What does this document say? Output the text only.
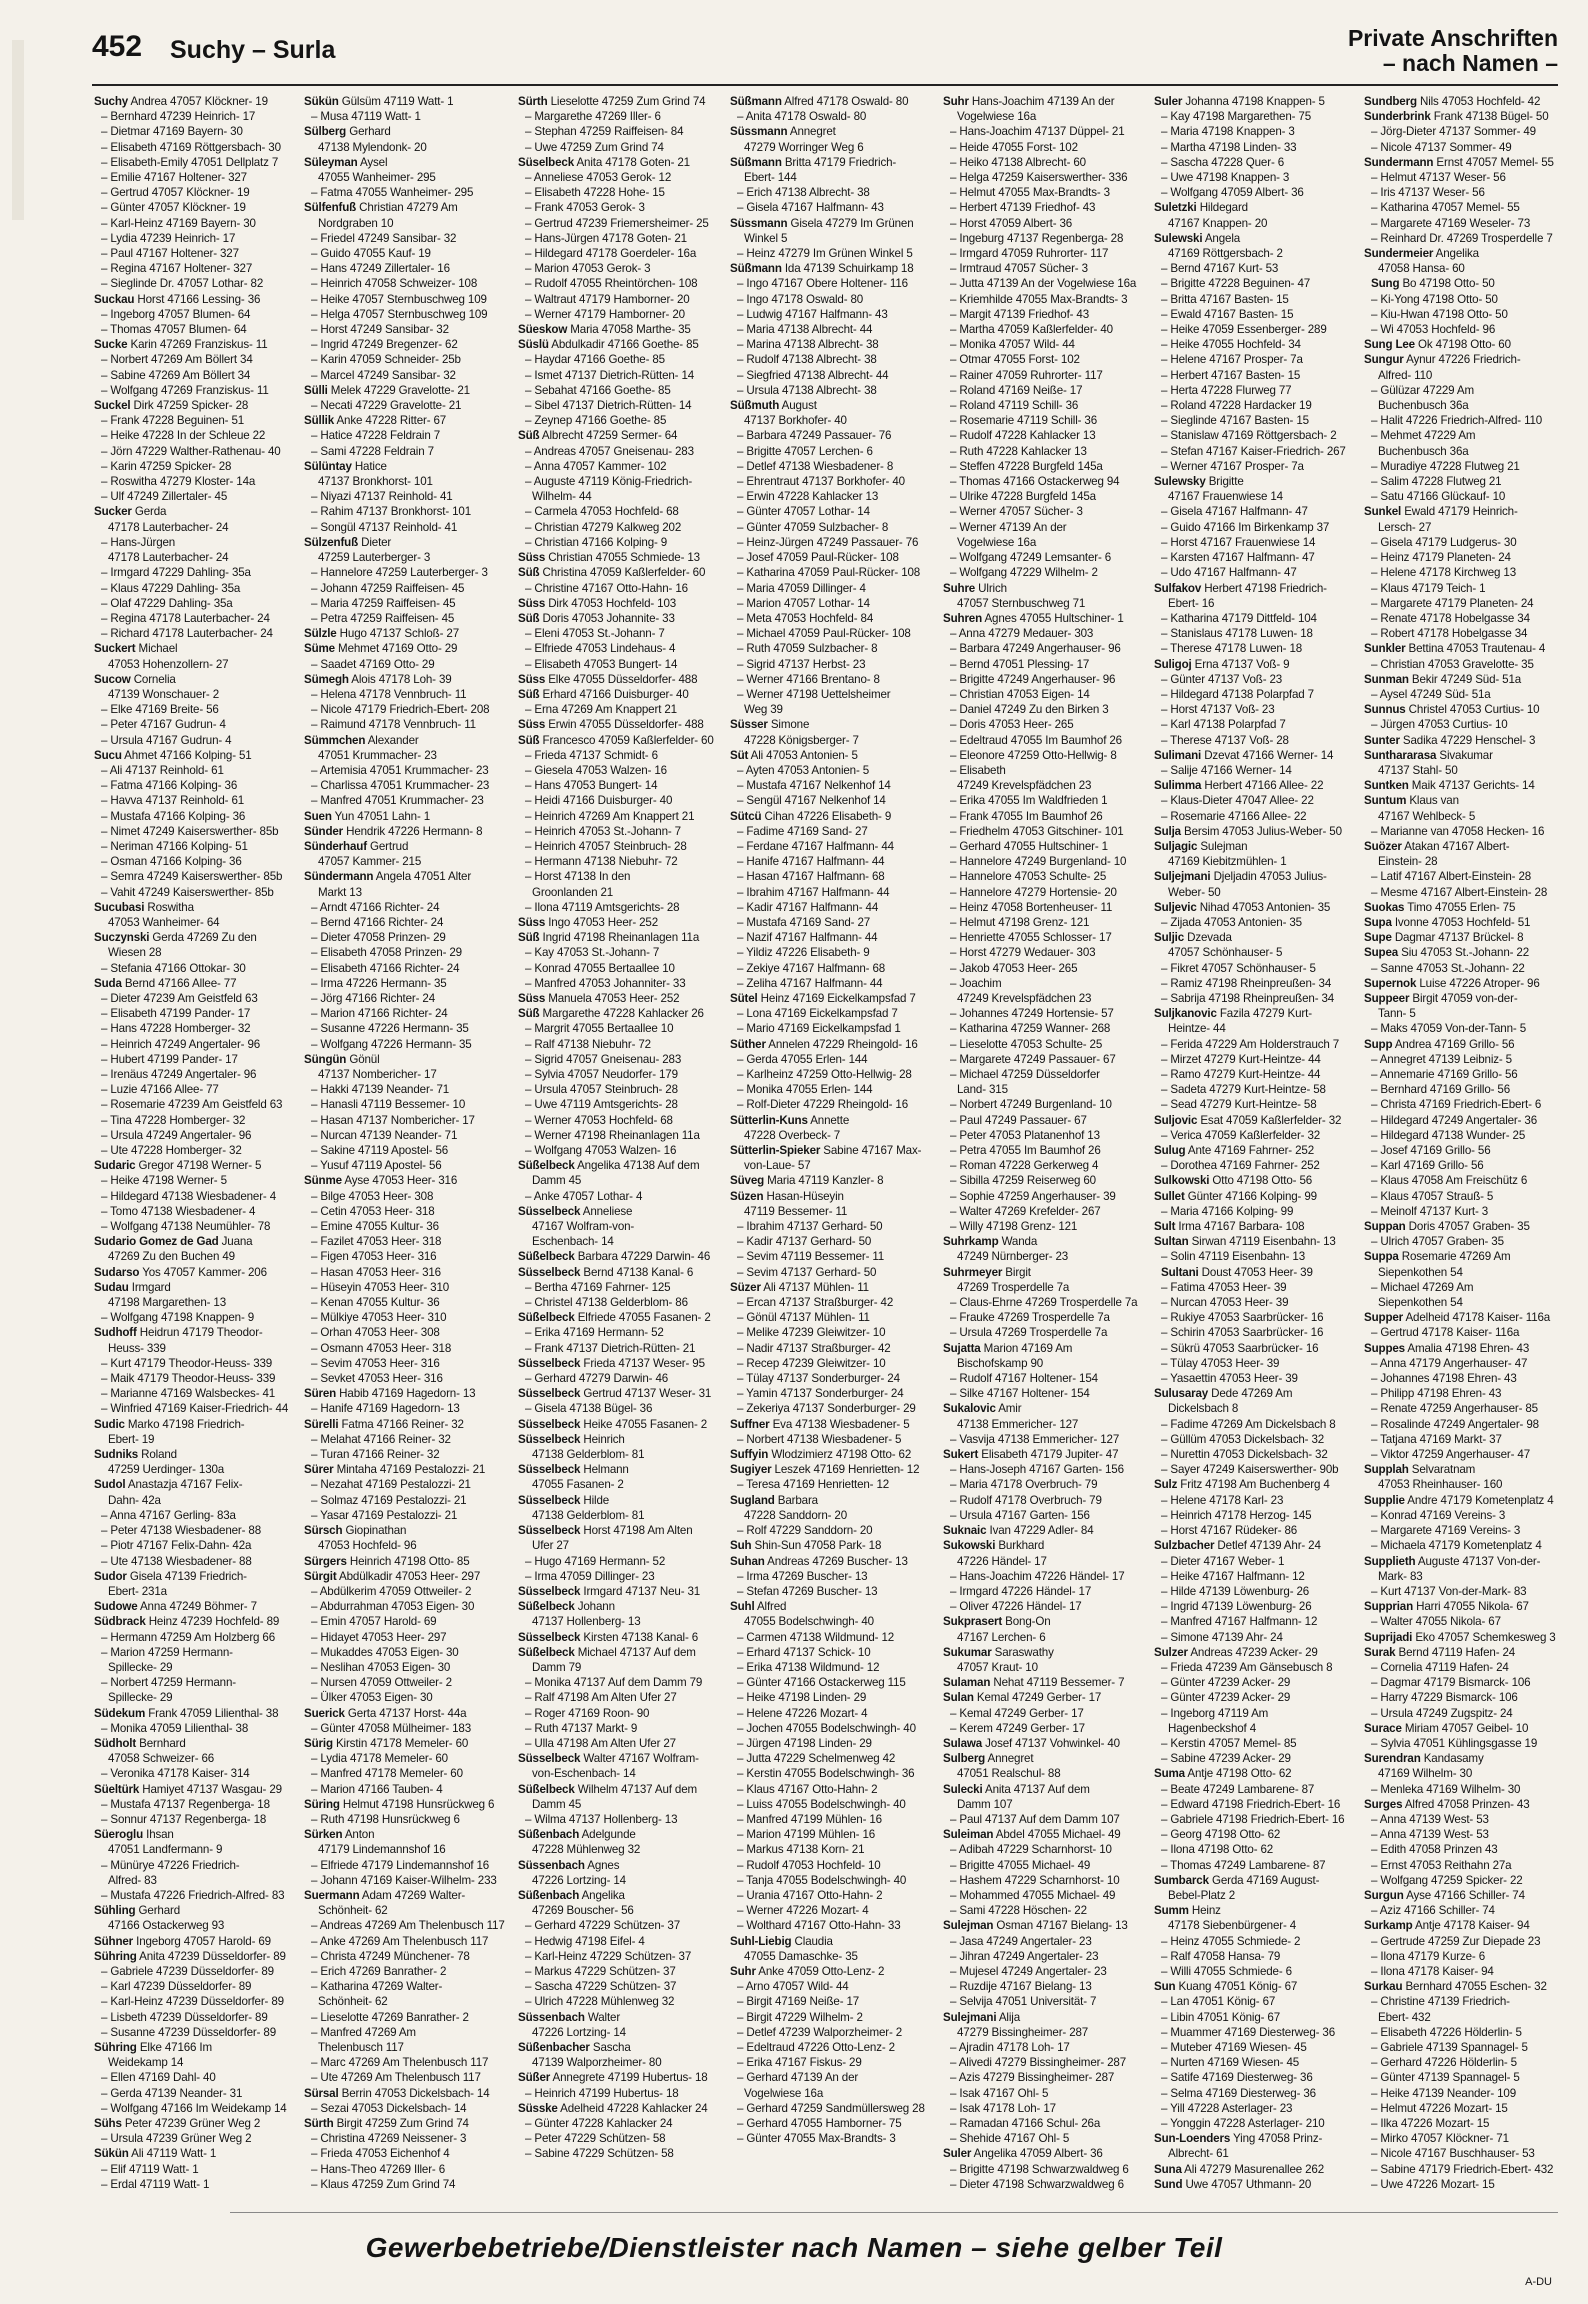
452 Suchy – Surla	Private Anschriften
– nach Namen –
Suchy Andrea 47057 Klöckner- 19
– Bernhard 47239 Heinrich- 17
– Dietmar 47169 Bayern- 30
– Elisabeth 47169 Röttgersbach- 30
– Elisabeth-Emily 47051 Dellplatz 7
– Emilie 47167 Holtener- 327
– Gertrud 47057 Klöckner- 19
– Günter 47057 Klöckner- 19
– Karl-Heinz 47169 Bayern- 30
– Lydia 47239 Heinrich- 17
– Paul 47167 Holtener- 327
– Regina 47167 Holtener- 327
– Sieglinde Dr. 47057 Lothar- 82
Suckau Horst 47166 Lessing- 36
– Ingeborg 47057 Blumen- 64
– Thomas 47057 Blumen- 64
Sucke Karin 47269 Franziskus- 11
– Norbert 47269 Am Böllert 34
– Sabine 47269 Am Böllert 34
– Wolfgang 47269 Franziskus- 11
Suckel Dirk 47259 Spicker- 28
– Frank 47228 Beguinen- 51
– Heike 47228 In der Schleue 22
– Jörn 47229 Walther-Rathenau- 40
– Karin 47259 Spicker- 28
– Roswitha 47279 Kloster- 14a
– Ulf 47249 Zillertaler- 45
Sucker Gerda
47178 Lauterbacher- 24
– Hans-Jürgen
47178 Lauterbacher- 24
– Irmgard 47229 Dahling- 35a
– Klaus 47229 Dahling- 35a
– Olaf 47229 Dahling- 35a
– Regina 47178 Lauterbacher- 24
– Richard 47178 Lauterbacher- 24
Suckert Michael
47053 Hohenzollern- 27
Sucow Cornelia
47139 Wonschauer- 2
– Elke 47169 Breite- 56
– Peter 47167 Gudrun- 4
– Ursula 47167 Gudrun- 4
Sucu Ahmet 47166 Kolping- 51
– Ali 47137 Reinhold- 61
– Fatma 47166 Kolping- 36
– Havva 47137 Reinhold- 61
– Mustafa 47166 Kolping- 36
– Nimet 47249 Kaiserswerther- 85b
– Neriman 47166 Kolping- 51
– Osman 47166 Kolping- 36
– Semra 47249 Kaiserswerther- 85b
– Vahit 47249 Kaiserswerther- 85b
Sucubasi Roswitha
47053 Wanheimer- 64
Suczynski Gerda 47269 Zu den
Wiesen 28
– Stefania 47166 Ottokar- 30
Suda Bernd 47166 Allee- 77
– Dieter 47239 Am Geistfeld 63
– Elisabeth 47199 Pander- 17
– Hans 47228 Homberger- 32
– Heinrich 47249 Angertaler- 96
– Hubert 47199 Pander- 17
– Irenäus 47249 Angertaler- 96
– Luzie 47166 Allee- 77
– Rosemarie 47239 Am Geistfeld 63
– Tina 47228 Homberger- 32
– Ursula 47249 Angertaler- 96
– Ute 47228 Homberger- 32
Sudaric Gregor 47198 Werner- 5
– Heike 47198 Werner- 5
– Hildegard 47138 Wiesbadener- 4
– Tomo 47138 Wiesbadener- 4
– Wolfgang 47138 Neumühler- 78
Sudario Gomez de Gad Juana
47269 Zu den Buchen 49
Sudarso Yos 47057 Kammer- 206
Sudau Irmgard
47198 Margarethen- 13
– Wolfgang 47198 Knappen- 9
Sudhoff Heidrun 47179 Theodor-
Heuss- 339
– Kurt 47179 Theodor-Heuss- 339
– Maik 47179 Theodor-Heuss- 339
– Marianne 47169 Walsbeckes- 41
– Winfried 47169 Kaiser-Friedrich- 44
Sudic Marko 47198 Friedrich-
Ebert- 19
Sudniks Roland
47259 Uerdinger- 130a
Sudol Anastazja 47167 Felix-
Dahn- 42a
– Anna 47167 Gerling- 83a
– Peter 47138 Wiesbadener- 88
– Piotr 47167 Felix-Dahn- 42a
– Ute 47138 Wiesbadener- 88
Sudor Gisela 47139 Friedrich-
Ebert- 231a
Sudowe Anna 47249 Böhmer- 7
Südbrack Heinz 47239 Hochfeld- 89
– Hermann 47259 Am Holzberg 66
– Marion 47259 Hermann-
Spillecke- 29
– Norbert 47259 Hermann-
Spillecke- 29
Südekum Frank 47059 Lilienthal- 38
– Monika 47059 Lilienthal- 38
Südholt Bernhard
47058 Schweizer- 66
– Veronika 47178 Kaiser- 314
Süeltürk Hamiyet 47137 Wasgau- 29
– Mustafa 47137 Regenberga- 18
– Sonnur 47137 Regenberga- 18
Süeroglu Ihsan
47051 Landfermann- 9
– Münürye 47226 Friedrich-
Alfred- 83
– Mustafa 47226 Friedrich-Alfred- 83
Sühling Gerhard
47166 Ostackerweg 93
Sühner Ingeborg 47057 Harold- 69
Sühring Anita 47239 Düsseldorfer- 89
– Gabriele 47239 Düsseldorfer- 89
– Karl 47239 Düsseldorfer- 89
– Karl-Heinz 47239 Düsseldorfer- 89
– Lisbeth 47239 Düsseldorfer- 89
– Susanne 47239 Düsseldorfer- 89
Sühring Elke 47166 Im
Weidekamp 14
– Ellen 47169 Dahl- 40
– Gerda 47139 Neander- 31
– Wolfgang 47166 Im Weidekamp 14
Sühs Peter 47239 Grüner Weg 2
– Ursula 47239 Grüner Weg 2
Sükün Ali 47119 Watt- 1
– Elif 47119 Watt- 1
– Erdal 47119 Watt- 1
Sükün Gülsüm 47119 Watt- 1
– Musa 47119 Watt- 1
Sülberg Gerhard
47138 Mylendonk- 20
Süleyman Aysel
47055 Wanheimer- 295
– Fatma 47055 Wanheimer- 295
Sülfenfuß Christian 47279 Am
Nordgraben 10
– Friedel 47249 Sansibar- 32
– Guido 47055 Kauf- 19
– Hans 47249 Zillertaler- 16
– Heinrich 47058 Schweizer- 108
– Heike 47057 Sternbuschweg 109
– Helga 47057 Sternbuschweg 109
– Horst 47249 Sansibar- 32
– Ingrid 47249 Bregenzer- 62
– Karin 47059 Schneider- 25b
– Marcel 47249 Sansibar- 32
Sülli Melek 47229 Gravelotte- 21
– Necati 47229 Gravelotte- 21
Süllik Anke 47228 Ritter- 67
– Hatice 47228 Feldrain 7
– Sami 47228 Feldrain 7
Sülüntay Hatice
47137 Bronkhorst- 101
– Niyazi 47137 Reinhold- 41
– Rahim 47137 Bronkhorst- 101
– Songül 47137 Reinhold- 41
Sülzenfuß Dieter
47259 Lauterberger- 3
– Hannelore 47259 Lauterberger- 3
– Johann 47259 Raiffeisen- 45
– Maria 47259 Raiffeisen- 45
– Petra 47259 Raiffeisen- 45
Sülzle Hugo 47137 Schloß- 27
Süme Mehmet 47169 Otto- 29
– Saadet 47169 Otto- 29
Sümegh Alois 47178 Loh- 39
– Helena 47178 Vennbruch- 11
– Nicole 47179 Friedrich-Ebert- 208
– Raimund 47178 Vennbruch- 11
Sümmchen Alexander
47051 Krummacher- 23
– Artemisia 47051 Krummacher- 23
– Charlissa 47051 Krummacher- 23
– Manfred 47051 Krummacher- 23
Suen Yun 47051 Lahn- 1
Sünder Hendrik 47226 Hermann- 8
Sünderhauf Gertrud
47057 Kammer- 215
Sündermann Angela 47051 Alter
Markt 13
– Arndt 47166 Richter- 24
– Bernd 47166 Richter- 24
– Dieter 47058 Prinzen- 29
– Elisabeth 47058 Prinzen- 29
– Elisabeth 47166 Richter- 24
– Irma 47226 Hermann- 35
– Jörg 47166 Richter- 24
– Marion 47166 Richter- 24
– Susanne 47226 Hermann- 35
– Wolfgang 47226 Hermann- 35
Süngün Gönül
47137 Nombericher- 17
– Hakki 47139 Neander- 71
– Hanasli 47119 Bessemer- 10
– Hasan 47137 Nombericher- 17
– Nurcan 47139 Neander- 71
– Sakine 47119 Apostel- 56
– Yusuf 47119 Apostel- 56
Sünme Ayse 47053 Heer- 316
– Bilge 47053 Heer- 308
– Cetin 47053 Heer- 318
– Emine 47055 Kultur- 36
– Fazilet 47053 Heer- 318
– Figen 47053 Heer- 316
– Hasan 47053 Heer- 316
– Hüseyin 47053 Heer- 310
– Kenan 47055 Kultur- 36
– Mülkiye 47053 Heer- 310
– Orhan 47053 Heer- 308
– Osmann 47053 Heer- 318
– Sevim 47053 Heer- 316
– Sevket 47053 Heer- 316
Süren Habib 47169 Hagedorn- 13
– Hanife 47169 Hagedorn- 13
Sürelli Fatma 47166 Reiner- 32
– Melahat 47166 Reiner- 32
– Turan 47166 Reiner- 32
Sürer Mintaha 47169 Pestalozzi- 21
– Nezahat 47169 Pestalozzi- 21
– Solmaz 47169 Pestalozzi- 21
– Yasar 47169 Pestalozzi- 21
Sürsch Giopinathan
47053 Hochfeld- 96
Sürgers Heinrich 47198 Otto- 85
Sürgit Abdülkadir 47053 Heer- 297
– Abdülkerim 47059 Ottweiler- 2
– Abdurrahman 47053 Eigen- 30
– Emin 47057 Harold- 69
– Hidayet 47053 Heer- 297
– Mukaddes 47053 Eigen- 30
– Neslihan 47053 Eigen- 30
– Nursen 47059 Ottweiler- 2
– Ülker 47053 Eigen- 30
Suerick Gerta 47137 Horst- 44a
– Günter 47058 Mülheimer- 183
Sürig Kirstin 47178 Memeler- 60
– Lydia 47178 Memeler- 60
– Manfred 47178 Memeler- 60
– Marion 47166 Tauben- 4
Süring Helmut 47198 Hunsrückweg 6
– Ruth 47198 Hunsrückweg 6
Sürken Anton
47179 Lindemannshof 16
– Elfriede 47179 Lindemannshof 16
– Johann 47169 Kaiser-Wilhelm- 233
Suermann Adam 47269 Walter-
Schönheit- 62
– Andreas 47269 Am Thelenbusch 117
– Anke 47269 Am Thelenbusch 117
– Christa 47249 Münchener- 78
– Erich 47269 Banrather- 2
– Katharina 47269 Walter-
Schönheit- 62
– Lieselotte 47269 Banrather- 2
– Manfred 47269 Am
Thelenbusch 117
– Marc 47269 Am Thelenbusch 117
– Ute 47269 Am Thelenbusch 117
Sürsal Berrin 47053 Dickelsbach- 14
– Sezai 47053 Dickelsbach- 14
Sürth Birgit 47259 Zum Grind 74
– Christina 47269 Neissener- 3
– Frieda 47053 Eichenhof 4
– Hans-Theo 47269 Iller- 6
– Klaus 47259 Zum Grind 74
Sürth Lieselotte 47259 Zum Grind 74
– Margarethe 47269 Iller- 6
– Stephan 47259 Raiffeisen- 84
– Uwe 47259 Zum Grind 74
Süselbeck Anita 47178 Goten- 21
– Anneliese 47053 Gerok- 12
– Elisabeth 47228 Hohe- 15
– Frank 47053 Gerok- 3
– Gertrud 47239 Friemersheimer- 25
– Hans-Jürgen 47178 Goten- 21
– Hildegard 47178 Goerdeler- 16a
– Marion 47053 Gerok- 3
– Rudolf 47055 Rheintörchen- 108
– Waltraut 47179 Hamborner- 20
– Werner 47179 Hamborner- 20
Süeskow Maria 47058 Marthe- 35
Süslü Abdulkadir 47166 Goethe- 85
– Haydar 47166 Goethe- 85
– Ismet 47137 Dietrich-Rütten- 14
– Sebahat 47166 Goethe- 85
– Sibel 47137 Dietrich-Rütten- 14
– Zeynep 47166 Goethe- 85
Süß Albrecht 47259 Sermer- 64
– Andreas 47057 Gneisenau- 283
– Anna 47057 Kammer- 102
– Auguste 47119 König-Friedrich-
Wilhelm- 44
– Carmela 47053 Hochfeld- 68
– Christian 47279 Kalkweg 202
– Christian 47166 Kolping- 9
Süss Christian 47055 Schmiede- 13
Süß Christina 47059 Kaßlerfelder- 60
– Christine 47167 Otto-Hahn- 16
Süss Dirk 47053 Hochfeld- 103
Süß Doris 47053 Johannite- 33
– Eleni 47053 St.-Johann- 7
– Elfriede 47053 Lindehaus- 4
– Elisabeth 47053 Bungert- 14
Süss Elke 47055 Düsseldorfer- 488
Süß Erhard 47166 Duisburger- 40
– Erna 47269 Am Knappert 21
Süss Erwin 47055 Düsseldorfer- 488
Süß Francesco 47059 Kaßlerfelder- 60
– Frieda 47137 Schmidt- 6
– Giesela 47053 Walzen- 16
– Hans 47053 Bungert- 14
– Heidi 47166 Duisburger- 40
– Heinrich 47269 Am Knappert 21
– Heinrich 47053 St.-Johann- 7
– Heinrich 47057 Steinbruch- 28
– Hermann 47138 Niebuhr- 72
– Horst 47138 In den
Groonlanden 21
– Ilona 47119 Amtsgerichts- 28
Süss Ingo 47053 Heer- 252
Süß Ingrid 47198 Rheinanlagen 11a
– Kay 47053 St.-Johann- 7
– Konrad 47055 Bertaallee 10
– Manfred 47053 Johanniter- 33
Süss Manuela 47053 Heer- 252
Süß Margarethe 47228 Kahlacker 26
– Margrit 47055 Bertaallee 10
– Ralf 47138 Niebuhr- 72
– Sigrid 47057 Gneisenau- 283
– Sylvia 47057 Neudorfer- 179
– Ursula 47057 Steinbruch- 28
– Uwe 47119 Amtsgerichts- 28
– Werner 47053 Hochfeld- 68
– Werner 47198 Rheinanlagen 11a
– Wolfgang 47053 Walzen- 16
Süßelbeck Angelika 47138 Auf dem
Damm 45
– Anke 47057 Lothar- 4
Süsselbeck Anneliese
47167 Wolfram-von-
Eschenbach- 14
Süßelbeck Barbara 47229 Darwin- 46
Süsselbeck Bernd 47138 Kanal- 6
– Bertha 47169 Fahrner- 125
– Christel 47138 Gelderblom- 86
Süßelbeck Elfriede 47055 Fasanen- 2
– Erika 47169 Hermann- 52
– Frank 47137 Dietrich-Rütten- 21
Süsselbeck Frieda 47137 Weser- 95
– Gerhard 47279 Darwin- 46
Süsselbeck Gertrud 47137 Weser- 31
– Gisela 47138 Bügel- 36
Süsselbeck Heike 47055 Fasanen- 2
Süsselbeck Heinrich
47138 Gelderblom- 81
Süsselbeck Helmann
47055 Fasanen- 2
Süsselbeck Hilde
47138 Gelderblom- 81
Süsselbeck Horst 47198 Am Alten
Ufer 27
– Hugo 47169 Hermann- 52
– Irma 47059 Dillinger- 23
Süsselbeck Irmgard 47137 Neu- 31
Süßelbeck Johann
47137 Hollenberg- 13
Süsselbeck Kirsten 47138 Kanal- 6
Süßelbeck Michael 47137 Auf dem
Damm 79
– Monika 47137 Auf dem Damm 79
– Ralf 47198 Am Alten Ufer 27
– Roger 47169 Roon- 90
– Ruth 47137 Markt- 9
– Ulla 47198 Am Alten Ufer 27
Süsselbeck Walter 47167 Wolfram-
von-Eschenbach- 14
Süßelbeck Wilhelm 47137 Auf dem
Damm 45
– Wilma 47137 Hollenberg- 13
Süßenbach Adelgunde
47228 Mühlenweg 32
Süssenbach Agnes
47226 Lortzing- 14
Süßenbach Angelika
47269 Bouscher- 56
– Gerhard 47229 Schützen- 37
– Hedwig 47198 Eifel- 4
– Karl-Heinz 47229 Schützen- 37
– Markus 47229 Schützen- 37
– Sascha 47229 Schützen- 37
– Ulrich 47228 Mühlenweg 32
Süssenbach Walter
47226 Lortzing- 14
Süßenbacher Sascha
47139 Walporzheimer- 80
Süßer Annegrete 47199 Hubertus- 18
– Heinrich 47199 Hubertus- 18
Süsske Adelheid 47228 Kahlacker 24
– Günter 47228 Kahlacker 24
– Peter 47229 Schützen- 58
– Sabine 47229 Schützen- 58
Süßmann Alfred 47178 Oswald- 80
– Anita 47178 Oswald- 80
Süssmann Annegret
47279 Worringer Weg 6
Süßmann Britta 47179 Friedrich-
Ebert- 144
– Erich 47138 Albrecht- 38
– Gisela 47167 Halfmann- 43
Süssmann Gisela 47279 Im Grünen
Winkel 5
– Heinz 47279 Im Grünen Winkel 5
Süßmann Ida 47139 Schuirkamp 18
– Ingo 47167 Obere Holtener- 116
– Ingo 47178 Oswald- 80
– Ludwig 47167 Halfmann- 43
– Maria 47138 Albrecht- 44
– Marina 47138 Albrecht- 38
– Rudolf 47138 Albrecht- 38
– Siegfried 47138 Albrecht- 44
– Ursula 47138 Albrecht- 38
Süßmuth August
47137 Borkhofer- 40
– Barbara 47249 Passauer- 76
– Brigitte 47057 Lerchen- 6
– Detlef 47138 Wiesbadener- 8
– Ehrentraut 47137 Borkhofer- 40
– Erwin 47228 Kahlacker 13
– Günter 47057 Lothar- 14
– Günter 47059 Sulzbacher- 8
– Heinz-Jürgen 47249 Passauer- 76
– Josef 47059 Paul-Rücker- 108
– Katharina 47059 Paul-Rücker- 108
– Maria 47059 Dillinger- 4
– Marion 47057 Lothar- 14
– Meta 47053 Hochfeld- 84
– Michael 47059 Paul-Rücker- 108
– Ruth 47059 Sulzbacher- 8
– Sigrid 47137 Herbst- 23
– Werner 47166 Brentano- 8
– Werner 47198 Uettelsheimer
Weg 39
Süsser Simone
47228 Königsberger- 7
Süt Ali 47053 Antonien- 5
– Ayten 47053 Antonien- 5
– Mustafa 47167 Nelkenhof 14
– Sengül 47167 Nelkenhof 14
Sütcü Cihan 47226 Elisabeth- 9
– Fadime 47169 Sand- 27
– Ferdane 47167 Halfmann- 44
– Hanife 47167 Halfmann- 44
– Hasan 47167 Halfmann- 68
– Ibrahim 47167 Halfmann- 44
– Kadir 47167 Halfmann- 44
– Mustafa 47169 Sand- 27
– Nazif 47167 Halfmann- 44
– Yildiz 47226 Elisabeth- 9
– Zekiye 47167 Halfmann- 68
– Zeliha 47167 Halfmann- 44
Sütel Heinz 47169 Eickelkampsfad 7
– Lona 47169 Eickelkampsfad 7
– Mario 47169 Eickelkampsfad 1
Süther Annelen 47229 Rheingold- 16
– Gerda 47055 Erlen- 144
– Karlheinz 47259 Otto-Hellwig- 28
– Monika 47055 Erlen- 144
– Rolf-Dieter 47229 Rheingold- 16
Sütterlin-Kuns Annette
47228 Overbeck- 7
Sütterlin-Spieker Sabine 47167 Max-
von-Laue- 57
Süveg Maria 47119 Kanzler- 8
Süzen Hasan-Hüseyin
47119 Bessemer- 11
– Ibrahim 47137 Gerhard- 50
– Kadir 47137 Gerhard- 50
– Sevim 47119 Bessemer- 11
– Sevim 47137 Gerhard- 50
Süzer Ali 47137 Mühlen- 11
– Ercan 47137 Straßburger- 42
– Gönül 47137 Mühlen- 11
– Melike 47239 Gleiwitzer- 10
– Nadir 47137 Straßburger- 42
– Recep 47239 Gleiwitzer- 10
– Tülay 47137 Sonderburger- 24
– Yamin 47137 Sonderburger- 24
– Zekeriya 47137 Sonderburger- 29
Suffner Eva 47138 Wiesbadener- 5
– Norbert 47138 Wiesbadener- 5
Suffyin Wlodzimierz 47198 Otto- 62
Sugiyer Leszek 47169 Henrietten- 12
– Teresa 47169 Henrietten- 12
Sugland Barbara
47228 Sanddorn- 20
– Rolf 47229 Sanddorn- 20
Suh Shin-Sun 47058 Park- 18
Suhan Andreas 47269 Buscher- 13
– Irma 47269 Buscher- 13
– Stefan 47269 Buscher- 13
Suhl Alfred
47055 Bodelschwingh- 40
– Carmen 47138 Wildmund- 12
– Erhard 47137 Schick- 10
– Erika 47138 Wildmund- 12
– Günter 47166 Ostackerweg 115
– Heike 47198 Linden- 29
– Helene 47226 Mozart- 4
– Jochen 47055 Bodelschwingh- 40
– Jürgen 47198 Linden- 29
– Jutta 47229 Schelmenweg 42
– Kerstin 47055 Bodelschwingh- 36
– Klaus 47167 Otto-Hahn- 2
– Luiss 47055 Bodelschwingh- 40
– Manfred 47199 Mühlen- 16
– Marion 47199 Mühlen- 16
– Markus 47138 Korn- 21
– Rudolf 47053 Hochfeld- 10
– Tanja 47055 Bodelschwingh- 40
– Urania 47167 Otto-Hahn- 2
– Werner 47226 Mozart- 4
– Wolthard 47167 Otto-Hahn- 33
Suhl-Liebig Claudia
47055 Damaschke- 35
Suhr Anke 47059 Otto-Lenz- 2
– Arno 47057 Wild- 44
– Birgit 47169 Neiße- 17
– Birgit 47229 Wilhelm- 2
– Detlef 47239 Walporzheimer- 2
– Edeltraud 47226 Otto-Lenz- 2
– Erika 47167 Fiskus- 29
– Gerhard 47139 An der
Vogelwiese 16a
– Gerhard 47259 Sandmüllersweg 28
– Gerhard 47055 Hamborner- 75
– Günter 47055 Max-Brandts- 3
Suhr Hans-Joachim 47139 An der
Vogelwiese 16a
– Hans-Joachim 47137 Düppel- 21
– Heide 47055 Forst- 102
– Heiko 47138 Albrecht- 60
– Helga 47259 Kaiserswerther- 336
– Helmut 47055 Max-Brandts- 3
– Herbert 47139 Friedhof- 43
– Horst 47059 Albert- 36
– Ingeburg 47137 Regenberga- 28
– Irmgard 47059 Ruhrorter- 117
– Irmtraud 47057 Sücher- 3
– Jutta 47139 An der Vogelwiese 16a
– Kriemhilde 47055 Max-Brandts- 3
– Margit 47139 Friedhof- 43
– Martha 47059 Kaßlerfelder- 40
– Monika 47057 Wild- 44
– Otmar 47055 Forst- 102
– Rainer 47059 Ruhrorter- 117
– Roland 47169 Neiße- 17
– Roland 47119 Schill- 36
– Rosemarie 47119 Schill- 36
– Rudolf 47228 Kahlacker 13
– Ruth 47228 Kahlacker 13
– Steffen 47228 Burgfeld 145a
– Thomas 47166 Ostackerweg 94
– Ulrike 47228 Burgfeld 145a
– Werner 47057 Sücher- 3
– Werner 47139 An der
Vogelwiese 16a
– Wolfgang 47249 Lemsanter- 6
– Wolfgang 47229 Wilhelm- 2
Suhre Ulrich
47057 Sternbuschweg 71
Suhren Agnes 47055 Hultschiner- 1
– Anna 47279 Medauer- 303
– Barbara 47249 Angerhauser- 96
– Bernd 47051 Plessing- 17
– Brigitte 47249 Angerhauser- 96
– Christian 47053 Eigen- 14
– Daniel 47249 Zu den Birken 3
– Doris 47053 Heer- 265
– Edeltraud 47055 Im Baumhof 26
– Eleonore 47259 Otto-Hellwig- 8
– Elisabeth
47249 Krevelspfädchen 23
– Erika 47055 Im Waldfrieden 1
– Frank 47055 Im Baumhof 26
– Friedhelm 47053 Gitschiner- 101
– Gerhard 47055 Hultschiner- 1
– Hannelore 47249 Burgenland- 10
– Hannelore 47053 Schulte- 25
– Hannelore 47279 Hortensie- 20
– Heinz 47058 Bortenheuser- 11
– Helmut 47198 Grenz- 121
– Henriette 47055 Schlosser- 17
– Horst 47279 Wedauer- 303
– Jakob 47053 Heer- 265
– Joachim
47249 Krevelspfädchen 23
– Johannes 47249 Hortensie- 57
– Katharina 47259 Wanner- 268
– Lieselotte 47053 Schulte- 25
– Margarete 47249 Passauer- 67
– Michael 47259 Düsseldorfer
Land- 315
– Norbert 47249 Burgenland- 10
– Paul 47249 Passauer- 67
– Peter 47053 Platanenhof 13
– Petra 47055 Im Baumhof 26
– Roman 47228 Gerkerweg 4
– Sibilla 47259 Reiserweg 60
– Sophie 47259 Angerhauser- 39
– Walter 47269 Krefelder- 267
– Willy 47198 Grenz- 121
Suhrkamp Wanda
47249 Nürnberger- 23
Suhrmeyer Birgit
47269 Trosperdelle 7a
– Claus-Ehrne 47269 Trosperdelle 7a
– Frauke 47269 Trosperdelle 7a
– Ursula 47269 Trosperdelle 7a
Sujatta Marion 47169 Am
Bischofskamp 90
– Rudolf 47167 Holtener- 154
– Silke 47167 Holtener- 154
Sukalovic Amir
47138 Emmericher- 127
– Vasvija 47138 Emmericher- 127
Sukert Elisabeth 47179 Jupiter- 47
– Hans-Joseph 47167 Garten- 156
– Maria 47178 Overbruch- 79
– Rudolf 47178 Overbruch- 79
– Ursula 47167 Garten- 156
Suknaic Ivan 47229 Adler- 84
Sukowski Burkhard
47226 Händel- 17
– Hans-Joachim 47226 Händel- 17
– Irmgard 47226 Händel- 17
– Oliver 47226 Händel- 17
Sukprasert Bong-On
47167 Lerchen- 6
Sukumar Saraswathy
47057 Kraut- 10
Sulaman Nehat 47119 Bessemer- 7
Sulan Kemal 47249 Gerber- 17
– Kemal 47249 Gerber- 17
– Kerem 47249 Gerber- 17
Sulawa Josef 47137 Vohwinkel- 40
Sulberg Annegret
47051 Realschul- 88
Sulecki Anita 47137 Auf dem
Damm 107
– Paul 47137 Auf dem Damm 107
Suleiman Abdel 47055 Michael- 49
– Adibah 47229 Scharnhorst- 10
– Brigitte 47055 Michael- 49
– Hashem 47229 Scharnhorst- 10
– Mohammed 47055 Michael- 49
– Sami 47228 Höschen- 22
Sulejman Osman 47167 Bielang- 13
– Jasa 47249 Angertaler- 23
– Jihran 47249 Angertaler- 23
– Mujesel 47249 Angertaler- 23
– Ruzdije 47167 Bielang- 13
– Selvija 47051 Universität- 7
Sulejmani Alija
47279 Bissingheimer- 287
– Ajradin 47178 Loh- 17
– Alivedi 47279 Bissingheimer- 287
– Azis 47279 Bissingheimer- 287
– Isak 47167 Ohl- 5
– Isak 47178 Loh- 17
– Ramadan 47166 Schul- 26a
– Shehide 47167 Ohl- 5
Suler Angelika 47059 Albert- 36
– Brigitte 47198 Schwarzwaldweg 6
– Dieter 47198 Schwarzwaldweg 6
Suler Johanna 47198 Knappen- 5
– Kay 47198 Margarethen- 75
– Maria 47198 Knappen- 3
– Martha 47198 Linden- 33
– Sascha 47228 Quer- 6
– Uwe 47198 Knappen- 3
– Wolfgang 47059 Albert- 36
Suletzki Hildegard
47167 Knappen- 20
Sulewski Angela
47169 Röttgersbach- 2
– Bernd 47167 Kurt- 53
– Brigitte 47228 Beguinen- 47
– Britta 47167 Basten- 15
– Ewald 47167 Basten- 15
– Heike 47059 Essenberger- 289
– Heike 47055 Hochfeld- 34
– Helene 47167 Prosper- 7a
– Herbert 47167 Basten- 15
– Herta 47228 Flurweg 77
– Roland 47228 Hardacker 19
– Sieglinde 47167 Basten- 15
– Stanislaw 47169 Röttgersbach- 2
– Stefan 47167 Kaiser-Friedrich- 267
– Werner 47167 Prosper- 7a
Sulewsky Brigitte
47167 Frauenwiese 14
– Gisela 47167 Halfmann- 47
– Guido 47166 Im Birkenkamp 37
– Horst 47167 Frauenwiese 14
– Karsten 47167 Halfmann- 47
– Udo 47167 Halfmann- 47
Sulfakov Herbert 47198 Friedrich-
Ebert- 16
– Katharina 47179 Dittfeld- 104
– Stanislaus 47178 Luwen- 18
– Therese 47178 Luwen- 18
Suligoj Erna 47137 Voß- 9
– Günter 47137 Voß- 23
– Hildegard 47138 Polarpfad 7
– Horst 47137 Voß- 23
– Karl 47138 Polarpfad 7
– Therese 47137 Voß- 28
Sulimani Dzevat 47166 Werner- 14
– Salije 47166 Werner- 14
Sulimma Herbert 47166 Allee- 22
– Klaus-Dieter 47047 Allee- 22
– Rosemarie 47166 Allee- 22
Sulja Bersim 47053 Julius-Weber- 50
Suljagic Sulejman
47169 Kiebitzmühlen- 1
Suljejmani Djeljadin 47053 Julius-
Weber- 50
Suljevic Nihad 47053 Antonien- 35
– Zijada 47053 Antonien- 35
Suljic Dzevada
47057 Schönhauser- 5
– Fikret 47057 Schönhauser- 5
– Ramiz 47198 Rheinpreußen- 34
– Sabrija 47198 Rheinpreußen- 34
Suljkanovic Fazila 47279 Kurt-
Heintze- 44
– Ferida 47229 Am Holderstrauch 7
– Mirzet 47279 Kurt-Heintze- 44
– Ramo 47279 Kurt-Heintze- 44
– Sadeta 47279 Kurt-Heintze- 58
– Sead 47279 Kurt-Heintze- 58
Suljovic Esat 47059 Kaßlerfelder- 32
– Verica 47059 Kaßlerfelder- 32
Sulug Ante 47169 Fahrner- 252
– Dorothea 47169 Fahrner- 252
Sulkowski Otto 47198 Otto- 56
Sullet Günter 47166 Kolping- 99
– Maria 47166 Kolping- 99
Sult Irma 47167 Barbara- 108
Sultan Sirwan 47119 Eisenbahn- 13
– Solin 47119 Eisenbahn- 13
Sultani Doust 47053 Heer- 39
– Fatima 47053 Heer- 39
– Nurcan 47053 Heer- 39
– Rukiye 47053 Saarbrücker- 16
– Schirin 47053 Saarbrücker- 16
– Sükrü 47053 Saarbrücker- 16
– Tülay 47053 Heer- 39
– Yasaettin 47053 Heer- 39
Sulusaray Dede 47269 Am
Dickelsbach 8
– Fadime 47269 Am Dickelsbach 8
– Güllüm 47053 Dickelsbach- 32
– Nurettin 47053 Dickelsbach- 32
– Sayer 47249 Kaiserswerther- 90b
Sulz Fritz 47198 Am Buchenberg 4
– Helene 47178 Karl- 23
– Heinrich 47178 Herzog- 145
– Horst 47167 Rüdeker- 86
Sulzbacher Detlef 47139 Ahr- 24
– Dieter 47167 Weber- 1
– Heike 47167 Halfmann- 12
– Hilde 47139 Löwenburg- 26
– Ingrid 47139 Löwenburg- 26
– Manfred 47167 Halfmann- 12
– Simone 47139 Ahr- 24
Sulzer Andreas 47239 Acker- 29
– Frieda 47239 Am Gänsebusch 8
– Günter 47239 Acker- 29
– Günter 47239 Acker- 29
– Ingeborg 47119 Am
Hagenbeckshof 4
– Kerstin 47057 Memel- 85
– Sabine 47239 Acker- 29
Suma Antje 47198 Otto- 62
– Beate 47249 Lambarene- 87
– Edward 47198 Friedrich-Ebert- 16
– Gabriele 47198 Friedrich-Ebert- 16
– Georg 47198 Otto- 62
– Ilona 47198 Otto- 62
– Thomas 47249 Lambarene- 87
Sumbarck Gerda 47169 August-
Bebel-Platz 2
Summ Heinz
47178 Siebenbürgener- 4
– Heinz 47055 Schmiede- 2
– Ralf 47058 Hansa- 79
– Willi 47055 Schmiede- 6
Sun Kuang 47051 König- 67
– Lan 47051 König- 67
– Libin 47051 König- 67
– Muammer 47169 Diesterweg- 36
– Muteber 47169 Wiesen- 45
– Nurten 47169 Wiesen- 45
– Satife 47169 Diesterweg- 36
– Selma 47169 Diesterweg- 36
– Yill 47228 Asterlager- 23
– Yonggin 47228 Asterlager- 210
Sun-Loenders Ying 47058 Prinz-
Albrecht- 61
Suna Ali 47279 Masurenallee 262
Sund Uwe 47057 Uthmann- 20
Sundberg Nils 47053 Hochfeld- 42
Sunderbrink Frank 47138 Bügel- 50
– Jörg-Dieter 47137 Sommer- 49
– Nicole 47137 Sommer- 49
Sundermann Ernst 47057 Memel- 55
– Helmut 47137 Weser- 56
– Iris 47137 Weser- 56
– Katharina 47057 Memel- 55
– Margarete 47169 Weseler- 73
– Reinhard Dr. 47269 Trosperdelle 7
Sundermeier Angelika
47058 Hansa- 60
Sung Bo 47198 Otto- 50
– Ki-Yong 47198 Otto- 50
– Kiu-Hwan 47198 Otto- 50
– Wi 47053 Hochfeld- 96
Sung Lee Ok 47198 Otto- 60
Sungur Aynur 47226 Friedrich-
Alfred- 110
– Gülüzar 47229 Am
Buchenbusch 36a
– Halit 47226 Friedrich-Alfred- 110
– Mehmet 47229 Am
Buchenbusch 36a
– Muradiye 47228 Flutweg 21
– Salim 47228 Flutweg 21
– Satu 47166 Glückauf- 10
Sunkel Ewald 47179 Heinrich-
Lersch- 27
– Gisela 47179 Ludgerus- 30
– Heinz 47179 Planeten- 24
– Helene 47178 Kirchweg 13
– Klaus 47179 Teich- 1
– Margarete 47179 Planeten- 24
– Renate 47178 Hobelgasse 34
– Robert 47178 Hobelgasse 34
Sunkler Bettina 47053 Trautenau- 4
– Christian 47053 Gravelotte- 35
Sunman Bekir 47249 Süd- 51a
– Aysel 47249 Süd- 51a
Sunnus Christel 47053 Curtius- 10
– Jürgen 47053 Curtius- 10
Sunter Sadika 47229 Henschel- 3
Sunthararasa Sivakumar
47137 Stahl- 50
Suntken Maik 47137 Gerichts- 14
Suntum Klaus van
47167 Wehlbeck- 5
– Marianne van 47058 Hecken- 16
Suözer Atakan 47167 Albert-
Einstein- 28
– Latif 47167 Albert-Einstein- 28
– Mesme 47167 Albert-Einstein- 28
Suokas Timo 47055 Erlen- 75
Supa Ivonne 47053 Hochfeld- 51
Supe Dagmar 47137 Brückel- 8
Supea Siu 47053 St.-Johann- 22
– Sanne 47053 St.-Johann- 22
Supernok Luise 47226 Atroper- 96
Suppeer Birgit 47059 von-der-
Tann- 5
– Maks 47059 Von-der-Tann- 5
Supp Andrea 47169 Grillo- 56
– Annegret 47139 Leibniz- 5
– Annemarie 47169 Grillo- 56
– Bernhard 47169 Grillo- 56
– Christa 47169 Friedrich-Ebert- 6
– Hildegard 47249 Angertaler- 36
– Hildegard 47138 Wunder- 25
– Josef 47169 Grillo- 56
– Karl 47169 Grillo- 56
– Klaus 47058 Am Freischütz 6
– Klaus 47057 Strauß- 5
– Meinolf 47137 Kurt- 3
Suppan Doris 47057 Graben- 35
– Ulrich 47057 Graben- 35
Suppa Rosemarie 47269 Am
Siepenkothen 54
– Michael 47269 Am
Siepenkothen 54
Supper Adelheid 47178 Kaiser- 116a
– Gertrud 47178 Kaiser- 116a
Suppes Amalia 47198 Ehren- 43
– Anna 47179 Angerhauser- 47
– Johannes 47198 Ehren- 43
– Philipp 47198 Ehren- 43
– Renate 47259 Angerhauser- 85
– Rosalinde 47249 Angertaler- 98
– Tatjana 47169 Markt- 37
– Viktor 47259 Angerhauser- 47
Supplah Selvaratnam
47053 Rheinhauser- 160
Supplie Andre 47179 Kometenplatz 4
– Konrad 47169 Vereins- 3
– Margarete 47169 Vereins- 3
– Michaela 47179 Kometenplatz 4
Supplieth Auguste 47137 Von-der-
Mark- 83
– Kurt 47137 Von-der-Mark- 83
Supprian Harri 47055 Nikola- 67
– Walter 47055 Nikola- 67
Suprijadi Eko 47057 Schemkesweg 3
Surak Bernd 47119 Hafen- 24
– Cornelia 47119 Hafen- 24
– Dagmar 47179 Bismarck- 106
– Harry 47229 Bismarck- 106
– Ursula 47249 Zugspitz- 24
Surace Miriam 47057 Geibel- 10
– Sylvia 47051 Kühlingsgasse 19
Surendran Kandasamy
47169 Wilhelm- 30
– Menleka 47169 Wilhelm- 30
Surges Alfred 47058 Prinzen- 43
– Anna 47139 West- 53
– Anna 47139 West- 53
– Edith 47058 Prinzen 43
– Ernst 47053 Reithahn 27a
– Wolfgang 47259 Spicker- 22
Surgun Ayse 47166 Schiller- 74
– Aziz 47166 Schiller- 74
Surkamp Antje 47178 Kaiser- 94
– Gertrude 47259 Zur Diepade 23
– Ilona 47179 Kurze- 6
– Ilona 47178 Kaiser- 94
Surkau Bernhard 47055 Eschen- 32
– Christine 47139 Friedrich-
Ebert- 432
– Elisabeth 47226 Hölderlin- 5
– Gabriele 47139 Spannagel- 5
– Gerhard 47226 Hölderlin- 5
– Günter 47139 Spannagel- 5
– Heike 47139 Neander- 109
– Helmut 47226 Mozart- 15
– Ilka 47226 Mozart- 15
– Mirko 47057 Klöckner- 71
– Nicole 47167 Buschhauser- 53
– Sabine 47179 Friedrich-Ebert- 432
– Uwe 47226 Mozart- 15
Gewerbebetriebe/Dienstleister nach Namen – siehe gelber Teil
A-DU
